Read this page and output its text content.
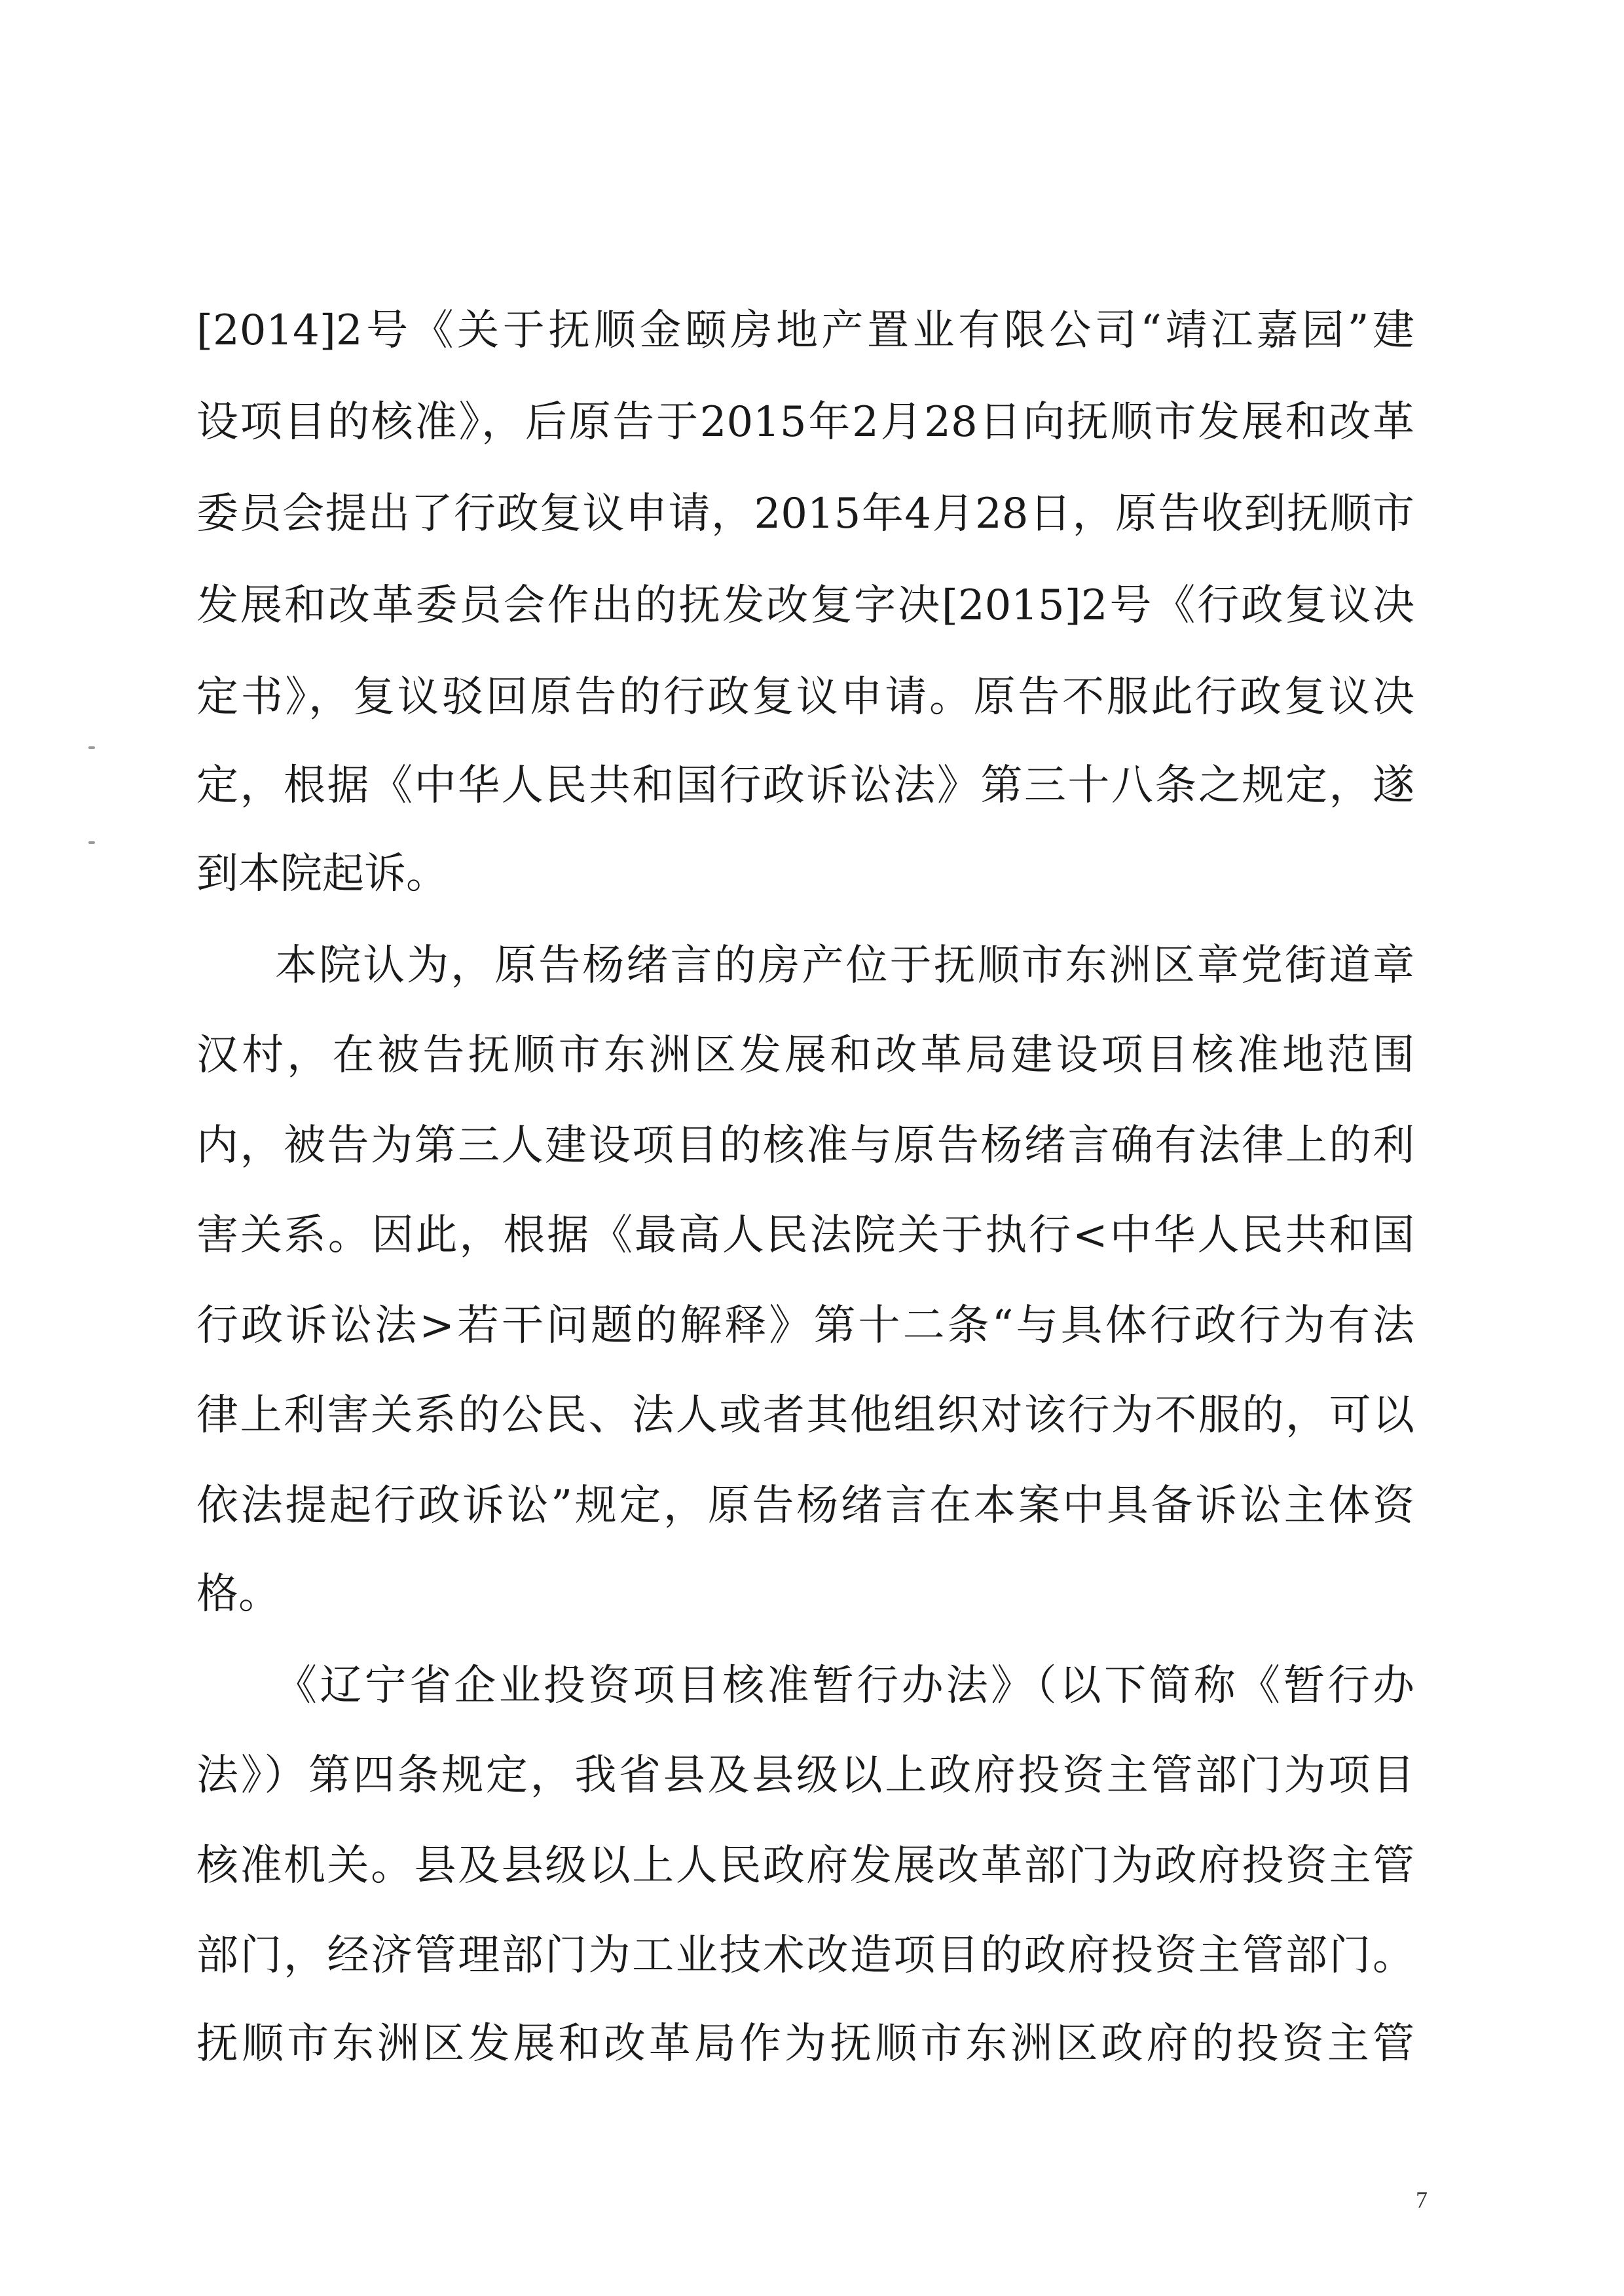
[2014]2号《关于抚顺金颐房地产置业有限公司“靖江嘉园”建
设项目的核准》，后原告于2015年2月28日向抚顺市发展和改革
委员会提出了行政复议申请，2015年4月28日，原告收到抚顺市
发展和改革委员会作出的抚发改复字决[2015]2号《行政复议决
定书》，复议驳回原告的行政复议申请。原告不服此行政复议决
定，根据《中华人民共和国行政诉讼法》第三十八条之规定，遂
到本院起诉。
本院认为，原告杨绪言的房产位于抚顺市东洲区章党街道章
汉村，在被告抚顺市东洲区发展和改革局建设项目核准地范围
内，被告为第三人建设项目的核准与原告杨绪言确有法律上的利
害关系。因此，根据《最高人民法院关于执行<中华人民共和国
行政诉讼法>若干问题的解释》第十二条“与具体行政行为有法
律上利害关系的公民、法人或者其他组织对该行为不服的，可以
依法提起行政诉讼”规定，原告杨绪言在本案中具备诉讼主体资
格。
《辽宁省企业投资项目核准暂行办法》（以下简称《暂行办
法》）第四条规定，我省县及县级以上政府投资主管部门为项目
核准机关。县及县级以上人民政府发展改革部门为政府投资主管
部门，经济管理部门为工业技术改造项目的政府投资主管部门。
抚顺市东洲区发展和改革局作为抚顺市东洲区政府的投资主管
7
